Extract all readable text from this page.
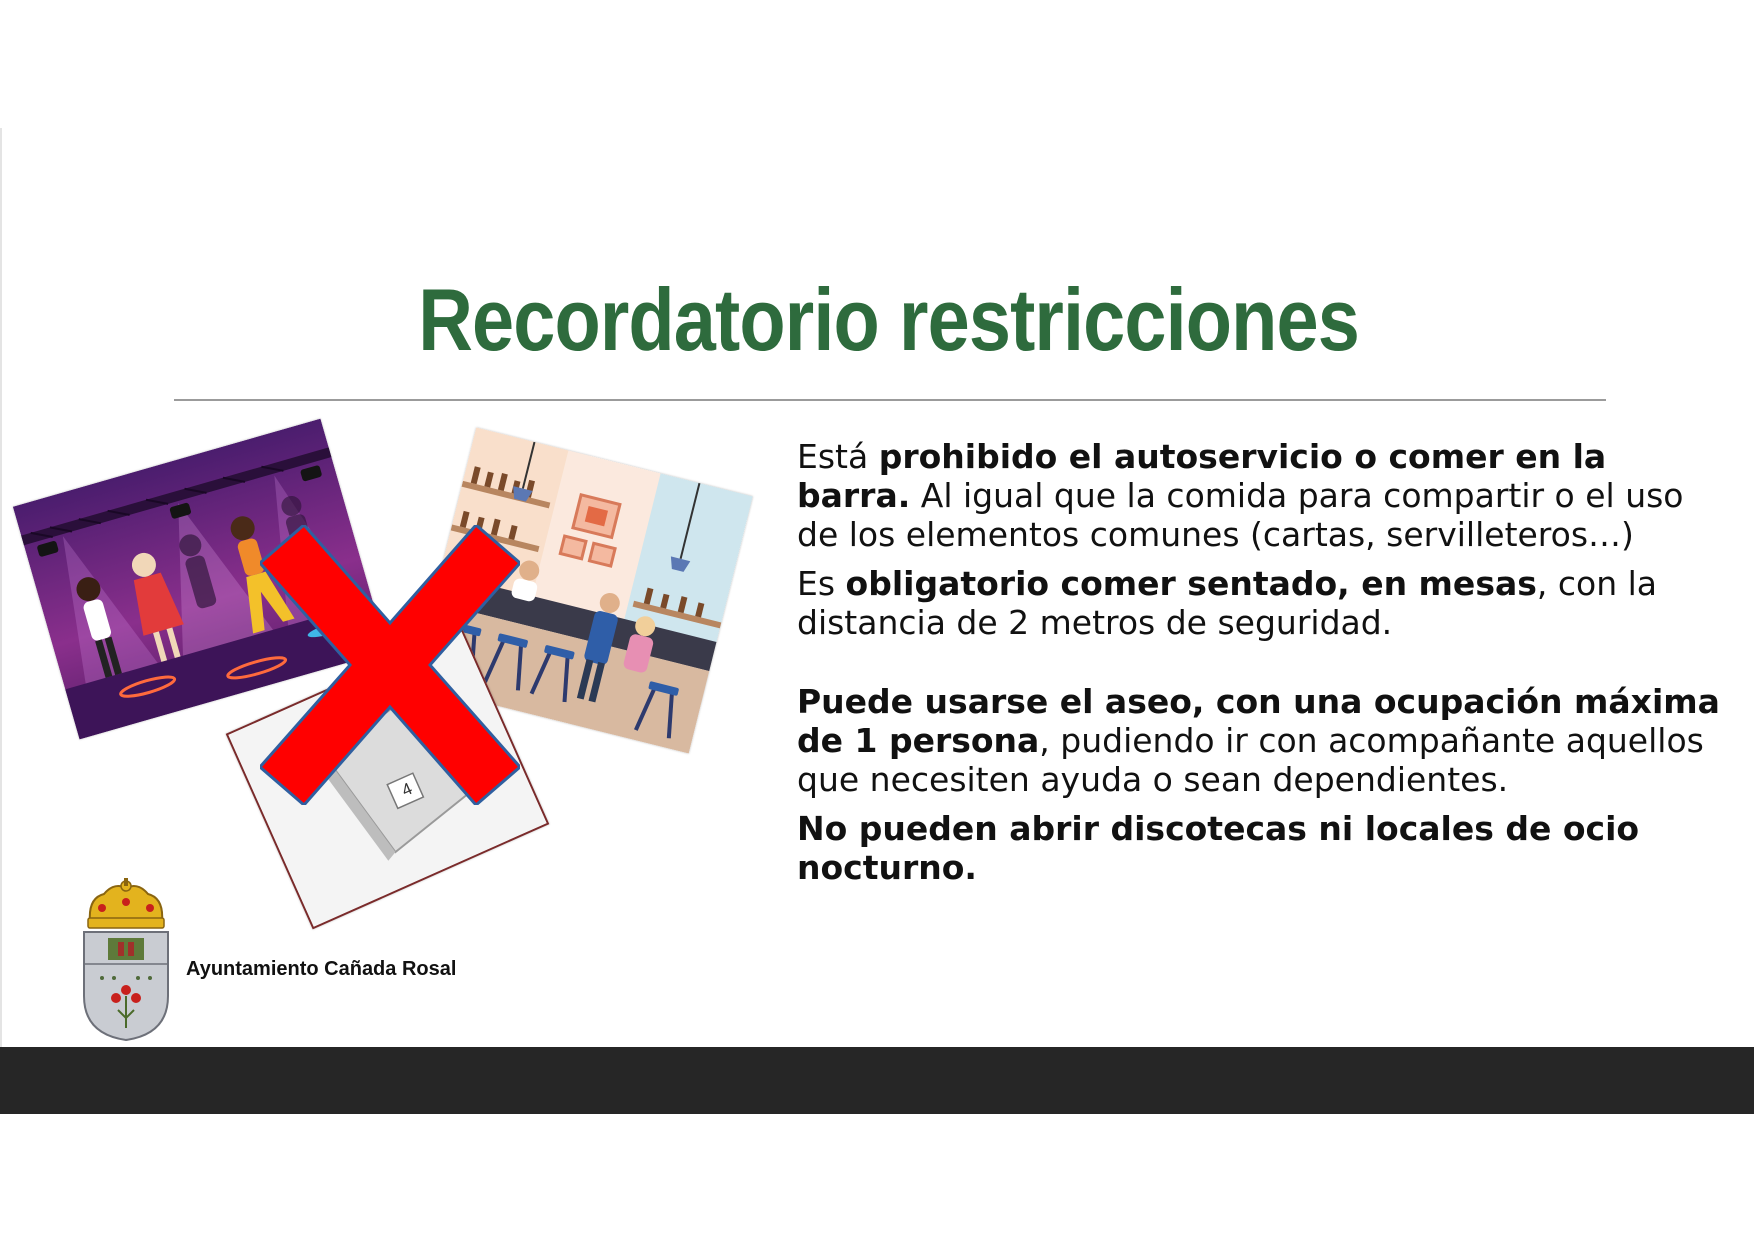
Recordatorio restricciones
4

Está prohibido el autoservicio o comer en la barra. Al igual que la comida para compartir o el uso de los elementos comunes (cartas, servilleteros…)

Es obligatorio comer sentado, en mesas, con la distancia de 2 metros de seguridad.

Puede usarse el aseo, con una ocupación máxima de 1 persona, pudiendo ir con acompañante aquellos que necesiten ayuda o sean dependientes.

No pueden abrir discotecas ni locales de ocio nocturno.

Ayuntamiento Cañada Rosal
